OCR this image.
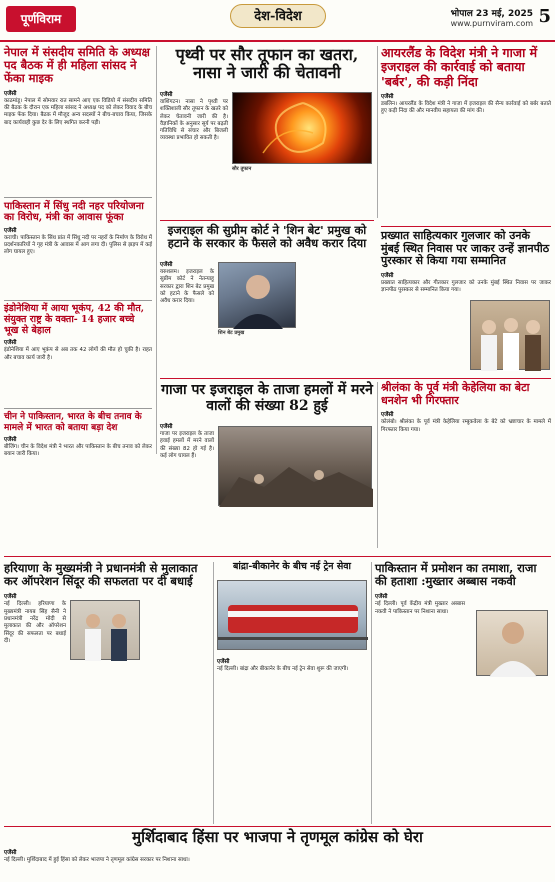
पूर्णविराम	देश-विदेश	भोपाल 23 मई, 2025
www.purnviram.com 5
नेपाल में संसदीय समिति के अध्यक्ष पद बैठक में ही महिला सांसद ने फेंका माइक
एजेंसी
काठमांडू। नेपाल में सोमवार रात सामने आए एक विडियो में संसदीय समिति की बैठक के दौरान एक महिला सांसद ने अध्यक्ष पद को लेकर विवाद के बीच माइक फेंक दिया। बैठक में मौजूद अन्य सदस्यों ने बीच-बचाव किया, जिसके बाद कार्यवाही कुछ देर के लिए स्थगित करनी पड़ी।
पाकिस्तान में सिंधु नदी नहर परियोजना का विरोध, मंत्री का आवास फूंका
एजेंसी
कराची। पाकिस्तान के सिंध प्रांत में सिंधु नदी पर नहरों के निर्माण के विरोध में प्रदर्शनकारियों ने गृह मंत्री के आवास में आग लगा दी। पुलिस से झड़प में कई लोग घायल हुए।
इंडोनेशिया में आया भूकंप, 42 की मौत, संयुक्त राष्ट्र के वक्ता- 14 हजार बच्चे भूख से बेहाल
एजेंसी
इंडोनेशिया में आए भूकंप से अब तक 42 लोगों की मौत हो चुकी है। राहत और बचाव कार्य जारी है।
चीन ने पाकिस्तान, भारत के बीच तनाव के मामले में भारत को बताया बड़ा देश
एजेंसी
बीजिंग। चीन के विदेश मंत्री ने भारत और पाकिस्तान के बीच तनाव को लेकर बयान जारी किया।
पृथ्वी पर सौर तूफान का खतरा, नासा ने जारी की चेतावनी
एजेंसी
वाशिंगटन। नासा ने पृथ्वी पर शक्तिशाली सौर तूफान के खतरे को लेकर चेतावनी जारी की है। वैज्ञानिकों के अनुसार सूर्य पर बढ़ती गतिविधि से संचार और बिजली व्यवस्था प्रभावित हो सकती है।
सौर तूफान
आयरलैंड के विदेश मंत्री ने गाजा में इजराइल की कार्रवाई को बताया 'बर्बर', की कड़ी निंदा
एजेंसी
डबलिन। आयरलैंड के विदेश मंत्री ने गाजा में इजराइल की सैन्य कार्रवाई को बर्बर बताते हुए कड़ी निंदा की और मानवीय सहायता की मांग की।
इजराइल की सुप्रीम कोर्ट ने 'शिन बेट' प्रमुख को हटाने के सरकार के फैसले को अवैध करार दिया
एजेंसी
यरुशलम। इजराइल के सुप्रीम कोर्ट ने नेतन्याहू सरकार द्वारा शिन बेट प्रमुख को हटाने के फैसले को अवैध करार दिया।
शिन बेट प्रमुख
प्रख्यात साहित्यकार गुलजार को उनके मुंबई स्थित निवास पर जाकर उन्हें ज्ञानपीठ पुरस्कार से किया गया सम्मानित
एजेंसी
प्रख्यात साहित्यकार और गीतकार गुलजार को उनके मुंबई स्थित निवास पर जाकर ज्ञानपीठ पुरस्कार से सम्मानित किया गया।
गाजा पर इजराइल के ताजा हमलों में मरने वालों की संख्या 82 हुई
एजेंसी
गाजा पर इजराइल के ताजा हवाई हमलों में मरने वालों की संख्या 82 हो गई है। कई लोग घायल हैं।
श्रीलंका के पूर्व मंत्री केहेलिया का बेटा धनशेन भी गिरफ्तार
एजेंसी
कोलंबो। श्रीलंका के पूर्व मंत्री केहेलिया रम्बुकवेला के बेटे को भ्रष्टाचार के मामले में गिरफ्तार किया गया।
हरियाणा के मुख्यमंत्री ने प्रधानमंत्री से मुलाकात कर ऑपरेशन सिंदूर की सफलता पर दी बधाई
एजेंसी
नई दिल्ली। हरियाणा के मुख्यमंत्री नायब सिंह सैनी ने प्रधानमंत्री नरेंद्र मोदी से मुलाकात की और ऑपरेशन सिंदूर की सफलता पर बधाई दी।
बांद्रा-बीकानेर के बीच नई ट्रेन सेवा
एजेंसी
नई दिल्ली। बांद्रा और बीकानेर के बीच नई ट्रेन सेवा शुरू की जाएगी।
पाकिस्तान में प्रमोशन का तमाशा, राजा की हताशा :मुख्तार अब्बास नकवी
एजेंसी
नई दिल्ली। पूर्व केंद्रीय मंत्री मुख्तार अब्बास नकवी ने पाकिस्तान पर निशाना साधा।
मुर्शिदाबाद हिंसा पर भाजपा ने तृणमूल कांग्रेस को घेरा
एजेंसी
नई दिल्ली। मुर्शिदाबाद में हुई हिंसा को लेकर भाजपा ने तृणमूल कांग्रेस सरकार पर निशाना साधा।
